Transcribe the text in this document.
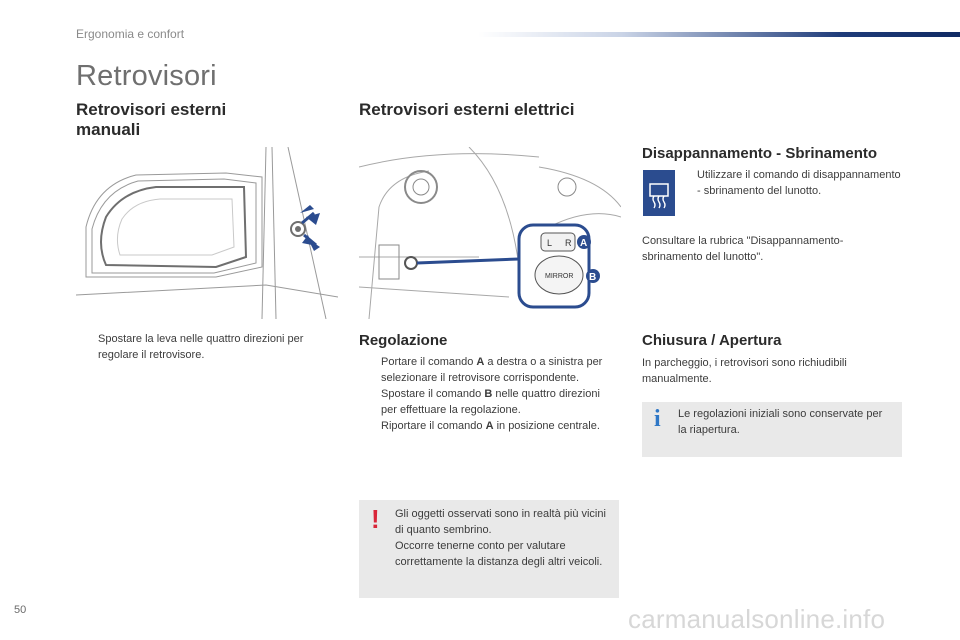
Ergonomia e confort
Retrovisori
Retrovisori esterni manuali
Spostare la leva nelle quattro direzioni per regolare il retrovisore.
Retrovisori esterni elettrici
L R
MIRROR
A
B
Regolazione
Portare il comando A a destra o a sinistra per selezionare il retrovisore corrispondente.
Spostare il comando B nelle quattro direzioni per effettuare la regolazione.
Riportare il comando A in posizione centrale.
! Gli oggetti osservati sono in realtà più vicini di quanto sembrino.
Occorre tenerne conto per valutare correttamente la distanza degli altri veicoli.
Disappannamento - Sbrinamento
Utilizzare il comando di disappannamento - sbrinamento del lunotto.
Consultare la rubrica "Disappannamento-sbrinamento del lunotto".
Chiusura / Apertura
In parcheggio, i retrovisori sono richiudibili manualmente.
i Le regolazioni iniziali sono conservate per la riapertura.
50	carmanualsonline.info
